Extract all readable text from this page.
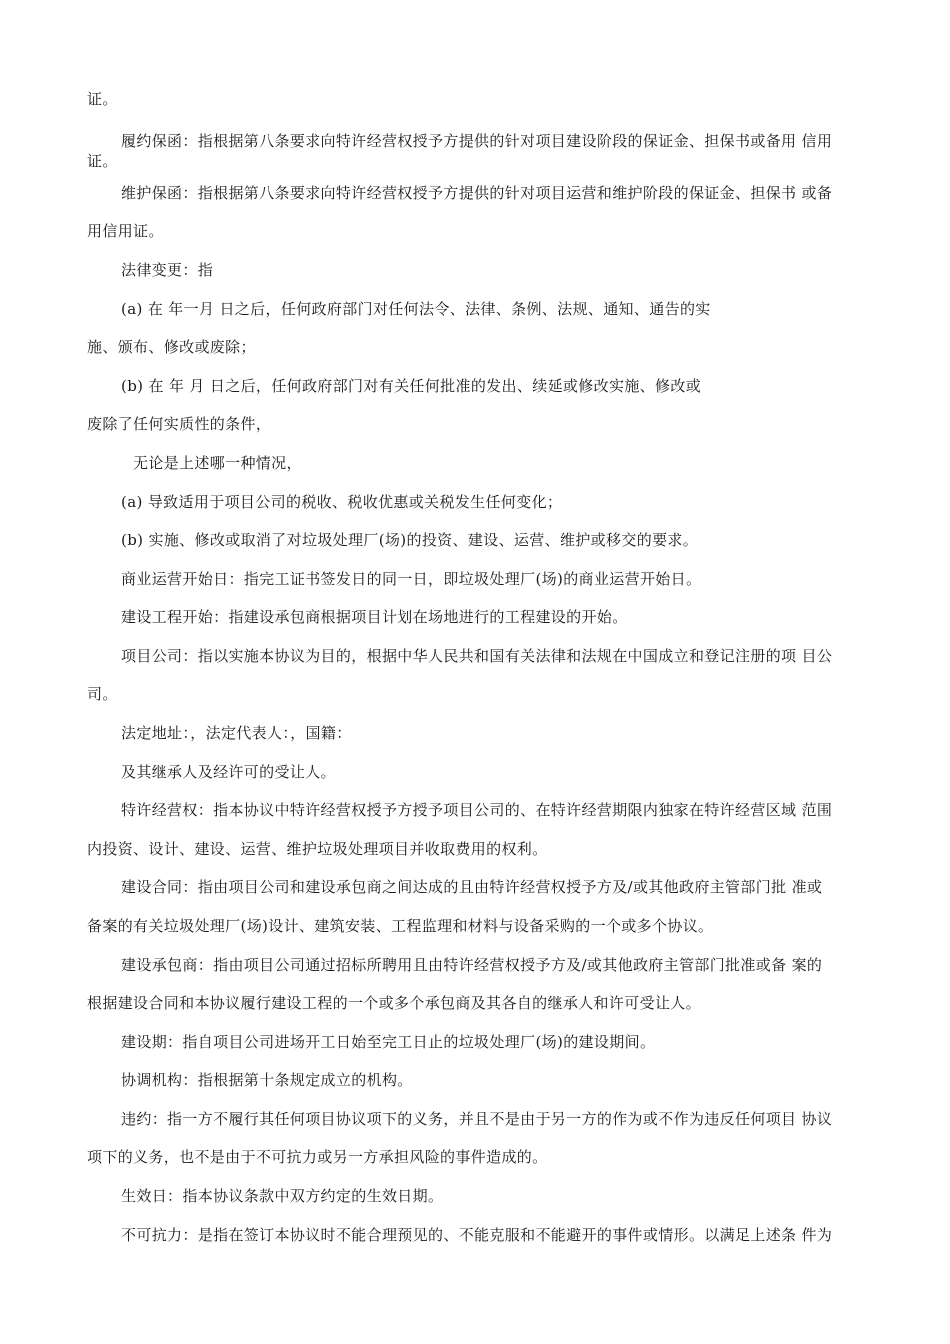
证。
履约保函：指根据第八条要求向特许经营权授予方提供的针对项目建设阶段的保证金、担保书或备用 信用
证。
维护保函：指根据第八条要求向特许经营权授予方提供的针对项目运营和维护阶段的保证金、担保书 或备
用信用证。
法律变更：指
(a) 在 年一月 日之后，任何政府部门对任何法令、法律、条例、法规、通知、通告的实
施、颁布、修改或废除；
(b) 在 年 月 日之后，任何政府部门对有关任何批准的发出、续延或修改实施、修改或
废除了任何实质性的条件，
无论是上述哪一种情况，
(a) 导致适用于项目公司的税收、税收优惠或关税发生任何变化；
(b) 实施、修改或取消了对垃圾处理厂(场)的投资、建设、运营、维护或移交的要求。
商业运营开始日：指完工证书签发日的同一日，即垃圾处理厂(场)的商业运营开始日。
建设工程开始：指建设承包商根据项目计划在场地进行的工程建设的开始。
项目公司：指以实施本协议为目的，根据中华人民共和国有关法律和法规在中国成立和登记注册的项 目公
司。
法定地址：，法定代表人：，国籍：
及其继承人及经许可的受让人。
特许经营权：指本协议中特许经营权授予方授予项目公司的、在特许经营期限内独家在特许经营区域 范围
内投资、设计、建设、运营、维护垃圾处理项目并收取费用的权利。
建设合同：指由项目公司和建设承包商之间达成的且由特许经营权授予方及/或其他政府主管部门批 准或
备案的有关垃圾处理厂(场)设计、建筑安装、工程监理和材料与设备采购的一个或多个协议。
建设承包商：指由项目公司通过招标所聘用且由特许经营权授予方及/或其他政府主管部门批准或备 案的
根据建设合同和本协议履行建设工程的一个或多个承包商及其各自的继承人和许可受让人。
建设期：指自项目公司进场开工日始至完工日止的垃圾处理厂(场)的建设期间。
协调机构：指根据第十条规定成立的机构。
违约：指一方不履行其任何项目协议项下的义务，并且不是由于另一方的作为或不作为违反任何项目 协议
项下的义务，也不是由于不可抗力或另一方承担风险的事件造成的。
生效日：指本协议条款中双方约定的生效日期。
不可抗力：是指在签订本协议时不能合理预见的、不能克服和不能避开的事件或情形。以满足上述条 件为
